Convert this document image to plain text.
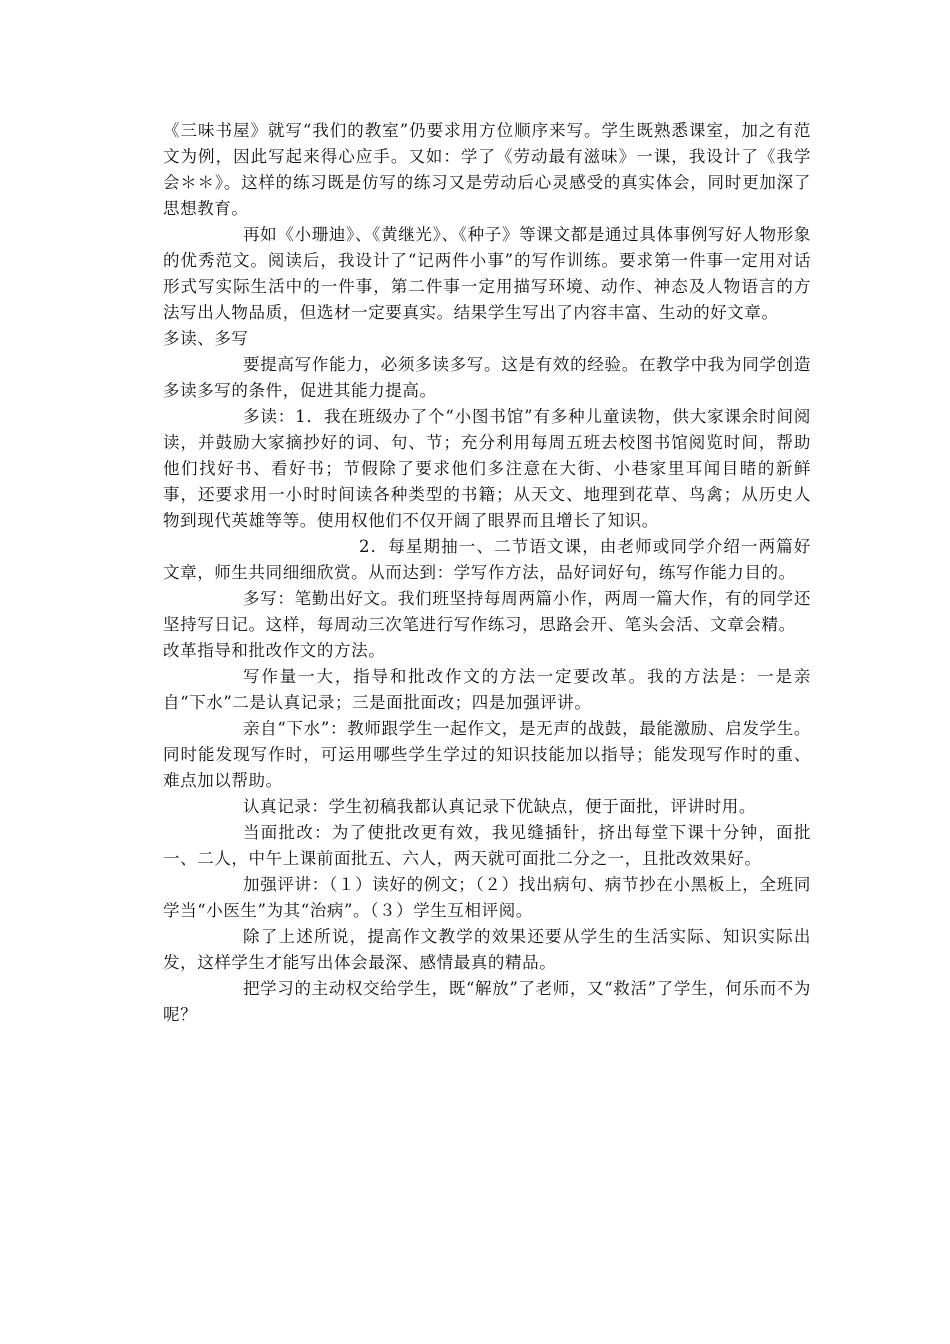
《三味书屋》就写“我们的教室”仍要求用方位顺序来写。学生既熟悉课室，加之有范文为例，因此写起来得心应手。又如：学了《劳动最有滋味》一课，我设计了《我学会＊＊》。这样的练习既是仿写的练习又是劳动后心灵感受的真实体会，同时更加深了思想教育。

再如《小珊迪》、《黄继光》、《种子》等课文都是通过具体事例写好人物形象的优秀范文。阅读后，我设计了“记两件小事”的写作训练。要求第一件事一定用对话形式写实际生活中的一件事，第二件事一定用描写环境、动作、神态及人物语言的方法写出人物品质，但选材一定要真实。结果学生写出了内容丰富、生动的好文章。

多读、多写

要提高写作能力，必须多读多写。这是有效的经验。在教学中我为同学创造多读多写的条件，促进其能力提高。

多读：1．我在班级办了个“小图书馆”有多种儿童读物，供大家课余时间阅读，并鼓励大家摘抄好的词、句、节；充分利用每周五班去校图书馆阅览时间，帮助他们找好书、看好书；节假除了要求他们多注意在大街、小巷家里耳闻目睹的新鲜事，还要求用一小时时间读各种类型的书籍；从天文、地理到花草、鸟禽；从历史人物到现代英雄等等。使用权他们不仅开阔了眼界而且增长了知识。

2．每星期抽一、二节语文课，由老师或同学介绍一两篇好文章，师生共同细细欣赏。从而达到：学写作方法，品好词好句，练写作能力目的。

多写：笔勤出好文。我们班坚持每周两篇小作，两周一篇大作，有的同学还坚持写日记。这样，每周动三次笔进行写作练习，思路会开、笔头会活、文章会精。

改革指导和批改作文的方法。

写作量一大，指导和批改作文的方法一定要改革。我的方法是：一是亲自“下水”二是认真记录；三是面批面改；四是加强评讲。

亲自“下水”：教师跟学生一起作文，是无声的战鼓，最能激励、启发学生。同时能发现写作时，可运用哪些学生学过的知识技能加以指导；能发现写作时的重、难点加以帮助。

认真记录：学生初稿我都认真记录下优缺点，便于面批，评讲时用。

当面批改：为了使批改更有效，我见缝插针，挤出每堂下课十分钟，面批一、二人，中午上课前面批五、六人，两天就可面批二分之一，且批改效果好。

加强评讲：（１）读好的例文；（２）找出病句、病节抄在小黑板上，全班同学当“小医生”为其“治病”。（３）学生互相评阅。

除了上述所说，提高作文教学的效果还要从学生的生活实际、知识实际出发，这样学生才能写出体会最深、感情最真的精品。

把学习的主动权交给学生，既“解放”了老师，又“救活”了学生，何乐而不为呢？
